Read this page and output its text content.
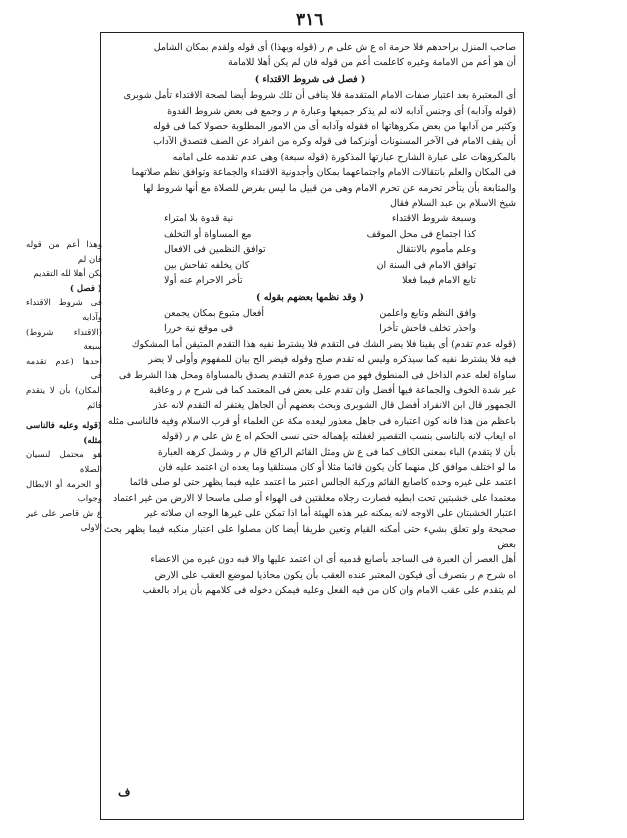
٣١٦

صاحب المنزل براحدهم فلا حرمة اه ع ش على م ر (قوله وبهذا) أى قوله ولقدم بمكان الشامل

أن هو أعم من الامامة وغيره كاعلمت أعم من قوله فان لم يكن أهلا للامامة

( فصل فى شروط الاقتداء )

أى المعتبرة بعد اعتبار صفات الامام المتقدمة فلا ينافى أن تلك شروط أيضا لصحة الاقتداء تأمل شوبرى

(قوله وآدابه) أى وجنس آدابه لانه لم يذكر جميعها وعبارة م ر وجمع فى بعض شروط القدوة

وكثير من آدابها من بعض مكروهاتها اه فقوله وآدابه أى من الامور المطلوبة حصولا كما فى قوله

أن يقف الامام فى الآخر المسنونات أونزكما فى قوله وكره من انفراد عن الصف فتصدق الآداب

بالمكروهات على عبارة الشارح عبارتها المذكورة (قوله سبعة) وهى عدم تقدمه على امامه

فى المكان والعلم بانتقالات الامام واجتماعهما بمكان وأجدونية الاقتداء والجماعة وتوافق نظم صلاتهما

والمتابعة بأن يتأخر تحرمه عن تحرم الامام وهى من قبيل ما ليس بفرض للصلاة مع أنها شروط لها

شيخ الاسلام بن عبد السلام فقال

وسبعة شروط الاقتداء
نية قدوة بلا امتراء

كذا اجتماع فى محل الموقف
مع المساواة أو التخلف

وعلم مأموم بالانتقال
توافق النظمين فى الافعال

توافق الامام فى السنة ان
كان يخلفه تفاحش بين

تابع الامام فيما فعلا
تأخر الاحرام عنه أولا

( وقد نظمها بعضهم بقوله )

وافق النظم وتابع واعلمن
أفعال متبوع بمكان يجمعن

واحذر تخلف فاحش تأخرا
فى موقع نية خررا

(قوله عدم تقدم) أى يقينا فلا يضر الشك فى التقدم فلا يشترط نفيه هذا التقدم المتيقن أما المشكوك

فيه فلا يشترط نفيه كما سيذكره وليس له تقدم صلح وقوله فيضر الح بيان للمفهوم وأولى لا يضر

ساواة لعله عدم الداخل فى المنطوق فهو من صورة عدم التقدم يصدق بالمساواة ومحل هذا الشرط فى

غير شدة الخوف والجماعة فيها أفضل وان تقدم على بعض فى المعتمد كما فى شرح م ر وعاقبة

الجمهور قال ابن الانفراد أفضل قال الشوبرى وبحث بعضهم أن الجاهل يغتفر له التقدم لانه عذر

باعظم من هذا فانه كون اعتباره فى جاهل معذور ليعده مكة عن العلماء أو قرب الاسلام وفيه فالناسى مثله

اه ايعاب لانه بالناسى بنسب التقصير لغفلته بإهماله حتى نسى الحكم اه ع ش على م ر (قوله

بأن لا يتقدم) الباء بمعنى الكاف كما فى ع ش ومثل القائم الراكع قال م ر وشمل كرهه العبارة

ما لو اختلف موافق كل منهما كأن يكون قائما مثلا أو كان مستلقيا وما يعده ان اعتمد عليه فان

اعتمد على غيره وحده كاصابع القائم وركبة الجالس اعتبر ما اعتمد عليه فيما يظهر حتى لو صلى قائما

معتمدا على خشبتين تحت ابطيه فصارت رجلاه معلقتين فى الهواء أو صلى ماسحا لا الارض من غير اعتماد

اعتبار الخشبتان على الاوجه لانه يمكنه غير هذه الهيئة أما اذا تمكن على غيرها الوجه ان صلاته غير

صحيحة ولو تعلق بشيء حتى أمكنه القيام وتعين طريقا أيضا كان مصلوا على اعتبار منكبه فيما يظهر بحث بعض

أهل العصر أن العبرة فى الساجد بأصابع قدميه أى ان اعتمد عليها والا فبه دون غيره من الاعضاء

اه شرح م ر بتصرف أى فيكون المعتبر عنده العقب بأن يكون محاذيا لموضع العقب على الارض

لم يتقدم على عقب الامام وان كان من فيه الفعل وعليه فيمكن دخوله فى كلامهم بأن يراد بالعقب

وهذا أعم من قوله فان لم

يكن أهلا لله التقديم

( فصل )

فى شروط الاقتداء وآدابه

(الاقتداء شروط) سبعة

أحدها (عدم تقدمه فى

المكان) بأن لا يتقدم قائم

(قوله وعليه فالناسى مثله)

هو محتمل لنسيان الصلاة

أو الحرمة أو الابطال وجواب

ع ش قاصر على غير الاولى

ف
